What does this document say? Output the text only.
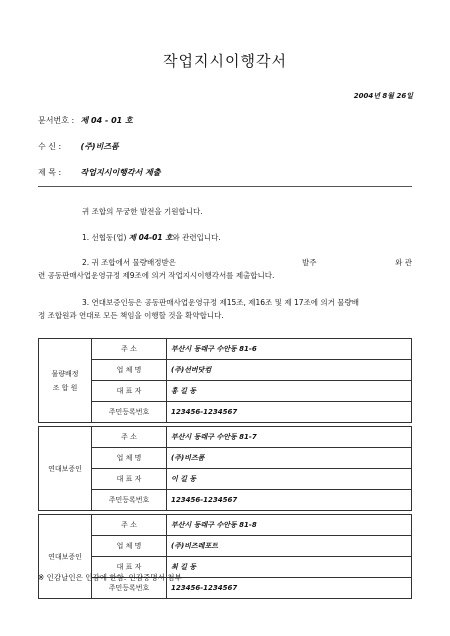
작업지시이행각서
2004년 8월 26일
문서번호 : 제 04 - 01 호
수 신 : (주)비즈폼
제 목 : 작업지시이행각서 제출
귀 조합의 무궁한 발전을 기원합니다.
1. 선협동(업) 제 04-01 호와 관련입니다.
2. 귀 조합에서 물량배정받은	발주	와 관
련 공동판매사업운영규정 제9조에 의거 작업지시이행각서를 제출합니다.
3. 연대보증인등은 공동판매사업운영규정 제15조, 제16조 및 제 17조에 의거 물량배
정 조합원과 연대로 모든 책임을 이행할 것을 확약합니다.
물량배정
조 합 원	주 소	부산시 동래구 수안동 81-6
	업 체 명	(주)선버닷컴
	대 표 자	홍 길 동
	주민등록번호	123456-1234567

연대보증인	주 소	부산시 동래구 수안동 81-7
	업 체 명	(주)비즈폼
	대 표 자	이 길 동
	주민등록번호	123456-1234567

연대보증인	주 소	부산시 동래구 수안동 81-8
	업 체 명	(주)비즈레포트
	대 표 자	최 길 동
	주민등록번호	123456-1234567
※ 인감날인은 인감에 한함. 인감증명서 첨부
